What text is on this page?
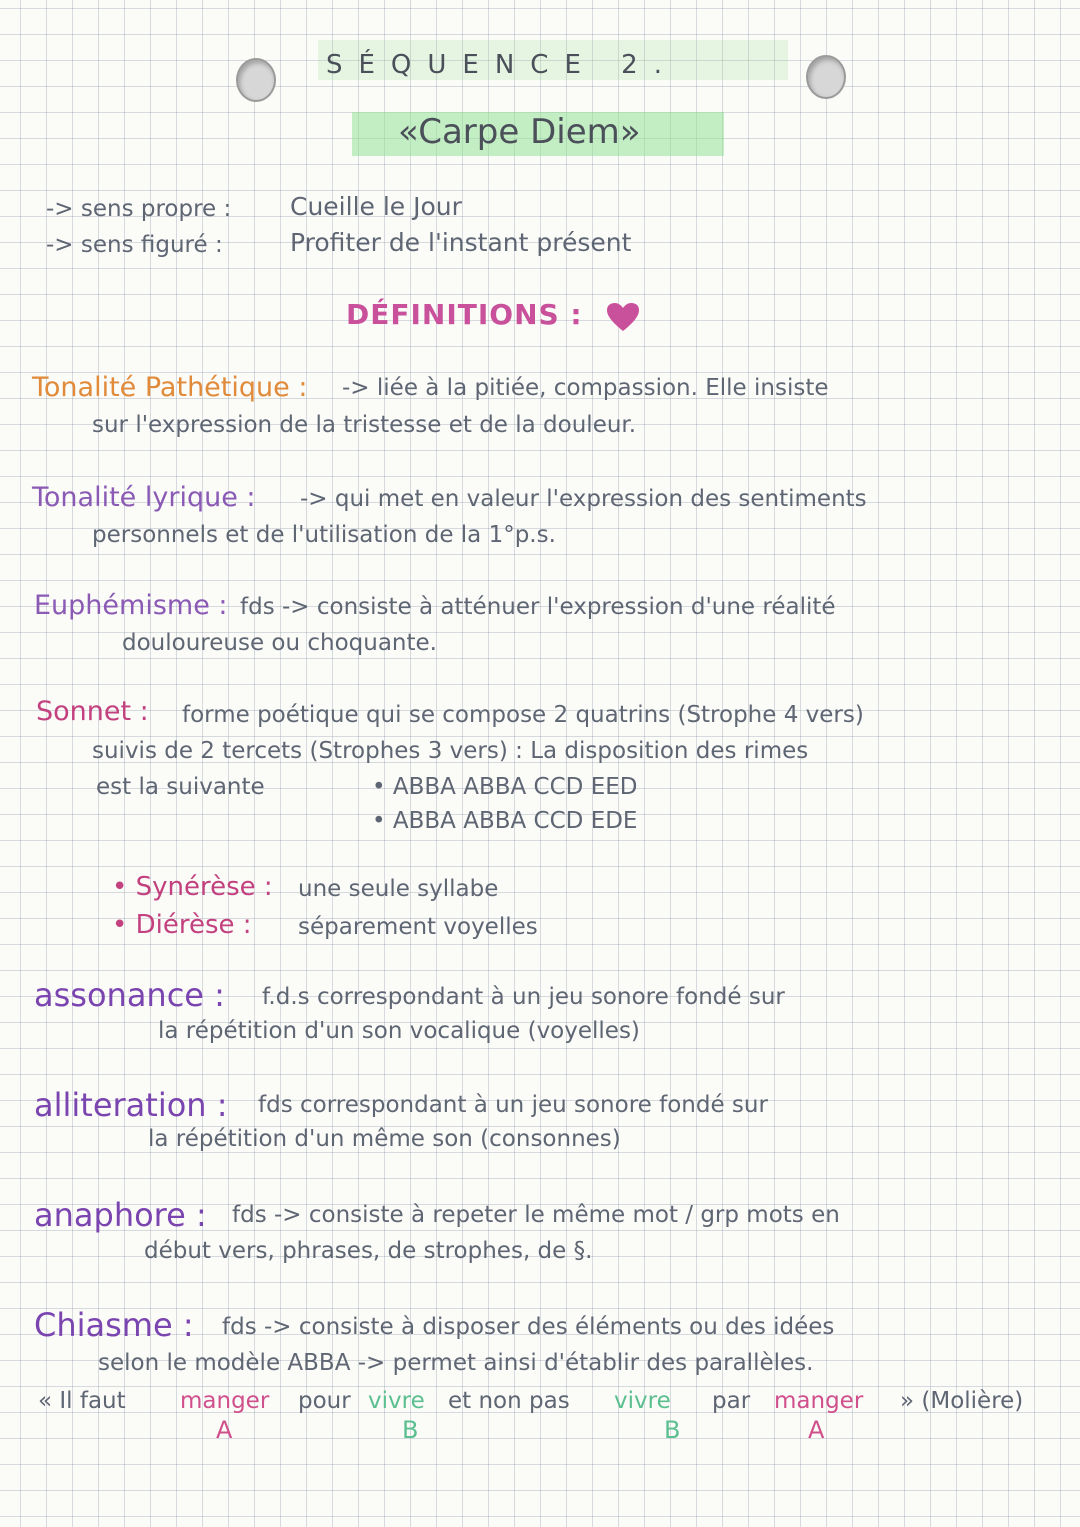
SÉQUENCE 2.
«Carpe Diem»
-> sens propre : Cueille le Jour
-> sens figuré :	Profiter de l'instant présent
DÉFINITIONS :
Tonalité Pathétique : -> liée à la pitiée, compassion. Elle insiste
sur l'expression de la tristesse et de la douleur.
Tonalité lyrique : -> qui met en valeur l'expression des sentiments
personnels et de l'utilisation de la 1°p.s.
Euphémisme : fds -> consiste à atténuer l'expression d'une réalité
douloureuse ou choquante.
Sonnet : forme poétique qui se compose 2 quatrins (Strophe 4 vers)
suivis de 2 tercets (Strophes 3 vers) : La disposition des rimes
est la suivante	• ABBA ABBA CCD EED
• ABBA ABBA CCD EDE
• Synérèse : une seule syllabe
• Diérèse : séparement voyelles
assonance : f.d.s correspondant à un jeu sonore fondé sur
la répétition d'un son vocalique (voyelles)
alliteration : fds correspondant à un jeu sonore fondé sur
la répétition d'un même son (consonnes)
anaphore : fds -> consiste à repeter le même mot / grp mots en
début vers, phrases, de strophes, de §.
Chiasme : fds -> consiste à disposer des éléments ou des idées
selon le modèle ABBA -> permet ainsi d'établir des parallèles.
« Il faut manger pour vivre et non pas vivre par manger » (Molière)
A	B	B	A
